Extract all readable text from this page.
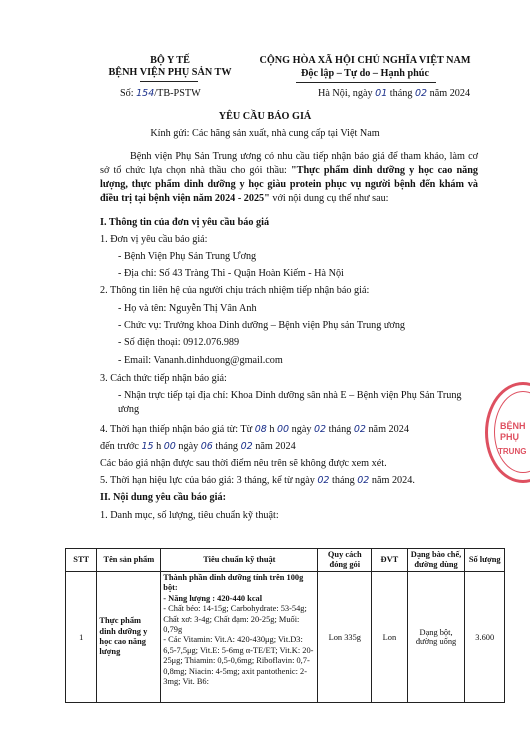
BỘ Y TẾ
BỆNH VIỆN PHỤ SẢN TW
Số: 154/TB-PSTW
CỘNG HÒA XÃ HỘI CHỦ NGHĨA VIỆT NAM
Độc lập – Tự do – Hạnh phúc
Hà Nội, ngày 01 tháng 02 năm 2024
YÊU CẦU BÁO GIÁ
Kính gửi: Các hãng sản xuất, nhà cung cấp tại Việt Nam
Bệnh viện Phụ Sản Trung ương có nhu cầu tiếp nhận báo giá để tham khảo, làm cơ sở tổ chức lựa chọn nhà thầu cho gói thầu: "Thực phẩm dinh dưỡng y học cao năng lượng, thực phẩm dinh dưỡng y học giàu protein phục vụ người bệnh đến khám và điều trị tại bệnh viện năm 2024 - 2025" với nội dung cụ thể như sau:
I. Thông tin của đơn vị yêu cầu báo giá
1. Đơn vị yêu cầu báo giá:
- Bệnh Viện Phụ Sản Trung Ương
- Địa chỉ: Số 43 Tràng Thi - Quận Hoàn Kiếm - Hà Nội
2. Thông tin liên hệ của người chịu trách nhiệm tiếp nhận báo giá:
- Họ và tên: Nguyễn Thị Vân Anh
- Chức vụ: Trưởng khoa Dinh dưỡng – Bệnh viện Phụ sản Trung ương
- Số điện thoại: 0912.076.989
- Email: Vananh.dinhduong@gmail.com
3. Cách thức tiếp nhận báo giá:
- Nhận trực tiếp tại địa chỉ: Khoa Dinh dưỡng sân nhà E – Bệnh viện Phụ Sản Trung ương
4. Thời hạn thiếp nhận báo giá từ: Từ 08 h 00 ngày 02 tháng 02 năm 2024
đến trước 15 h 00 ngày 06 tháng 02 năm 2024
Các báo giá nhận được sau thời điểm nêu trên sẽ không được xem xét.
5. Thời hạn hiệu lực của báo giá: 3 tháng, kể từ ngày 02 tháng 02 năm 2024.
II. Nội dung yêu cầu báo giá:
1. Danh mục, số lượng, tiêu chuẩn kỹ thuật:
STT	Tên sản phẩm	Tiêu chuẩn kỹ thuật	Quy cách đóng gói	ĐVT	Dạng bào chế, đường dùng	Số lượng
1	Thực phẩm dinh dưỡng y học cao năng lượng	Thành phần dinh dưỡng tính trên 100g bột:
- Năng lượng : 420-440 kcal
- Chất béo: 14-15g; Carbohydrate: 53-54g; Chất xơ: 3-4g; Chất đạm: 20-25g; Muối: 0,79g
- Các Vitamin: Vit.A: 420-430μg; Vit.D3: 6,5-7,5μg; Vit.E: 5-6mg α-TE/ET; Vit.K: 20-25μg; Thiamin: 0,5-0,6mg; Riboflavin: 0,7-0,8mg; Niacin: 4-5mg; axit pantothenic: 2-3mg; Vit. B6:	Lon 335g	Lon	Dạng bột, đường uống	3.600
BỆNH
PHỤ
TRUNG
